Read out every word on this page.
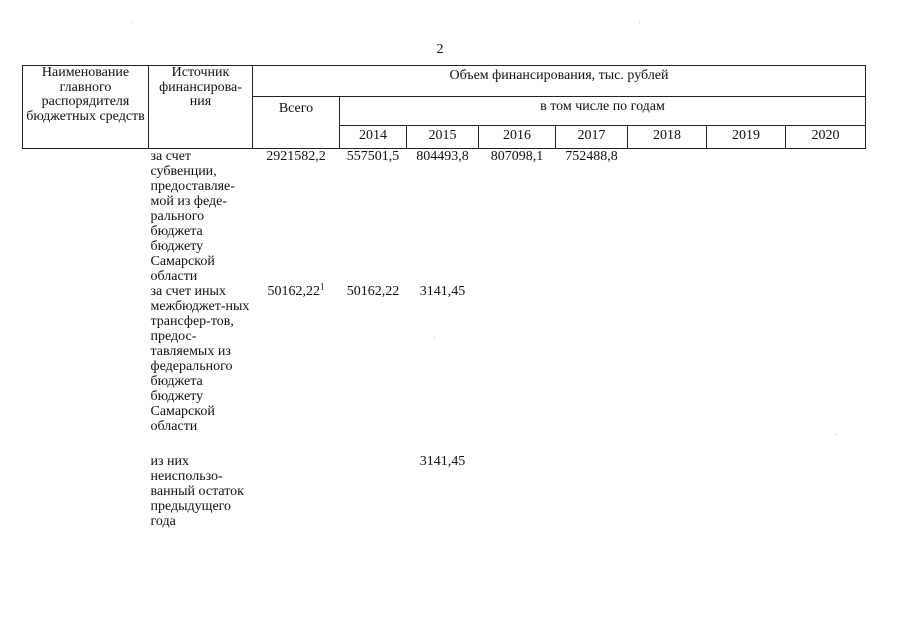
2
Наименование главного распорядителя бюджетных средств	Источник финансирова-ния	Объем финансирования, тыс. рублей							
		Всего	в том числе по годам						
			2014	2015	2016	2017	2018	2019	2020
	за счет субвенции, предоставляе-мой из феде-рального бюджета бюджету Самарской области	2921582,2	557501,5	804493,8	807098,1	752488,8			
	за счет иных межбюджет-ных трансфер-тов, предос-тавляемых из федерального бюджета бюджету Самарской области	50162,22$^1$	50162,22	3141,45					
	из них неиспользо-ванный остаток предыдущего года			3141,45					
